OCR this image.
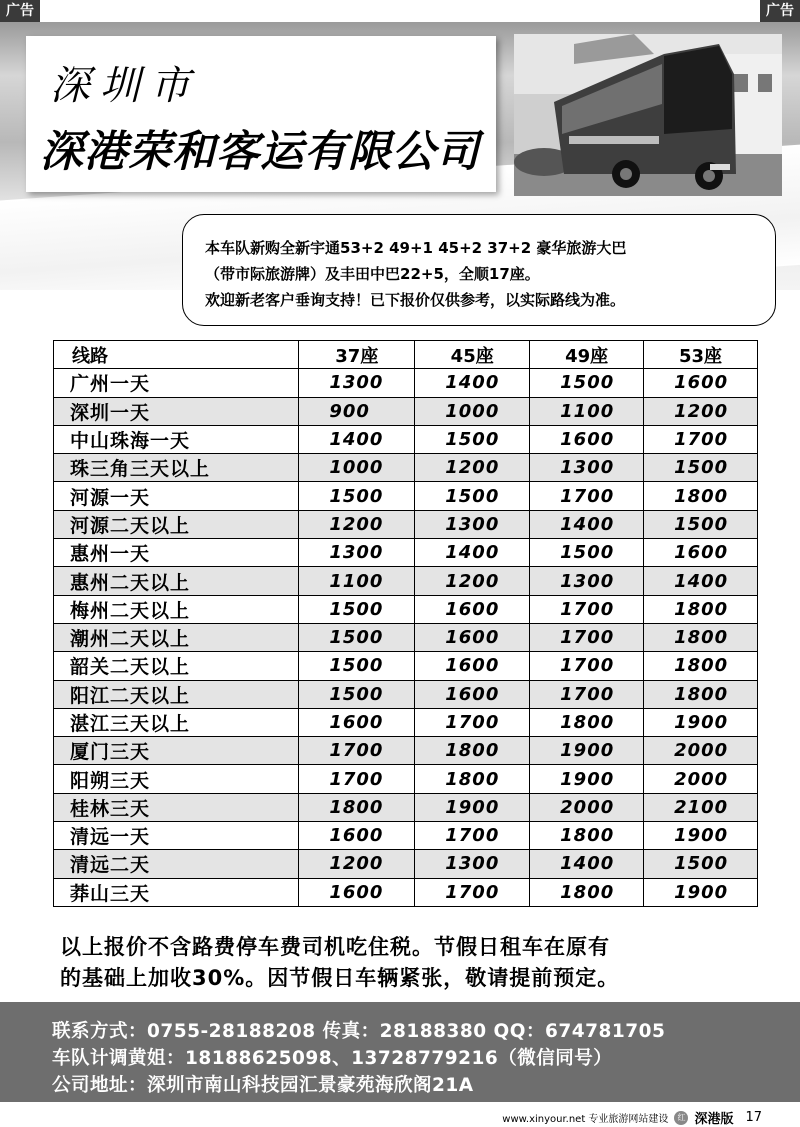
广告	广告
深圳市
深港荣和客运有限公司

本车队新购全新宇通53+2 49+1 45+2 37+2 豪华旅游大巴

（带市际旅游牌）及丰田中巴22+5，全顺17座。

欢迎新老客户垂询支持！已下报价仅供参考，以实际路线为准。

线路	37座	45座	49座	53座
广州一天	1300	1400	1500	1600
深圳一天	900	1000	1100	1200
中山珠海一天	1400	1500	1600	1700
珠三角三天以上	1000	1200	1300	1500
河源一天	1500	1500	1700	1800
河源二天以上	1200	1300	1400	1500
惠州一天	1300	1400	1500	1600
惠州二天以上	1100	1200	1300	1400
梅州二天以上	1500	1600	1700	1800
潮州二天以上	1500	1600	1700	1800
韶关二天以上	1500	1600	1700	1800
阳江二天以上	1500	1600	1700	1800
湛江三天以上	1600	1700	1800	1900
厦门三天	1700	1800	1900	2000
阳朔三天	1700	1800	1900	2000
桂林三天	1800	1900	2000	2100
清远一天	1600	1700	1800	1900
清远二天	1200	1300	1400	1500
莽山三天	1600	1700	1800	1900
以上报价不含路费停车费司机吃住税。节假日租车在原有
的基础上加收30%。因节假日车辆紧张，敬请提前预定。
联系方式：0755-28188208 传真：28188380 QQ：674781705
车队计调黄姐：18188625098、13728779216（微信同号）
公司地址：深圳市南山科技园汇景豪苑海欣阁21A
www.xinyour.net 专业旅游网站建设	红 深港版 17
